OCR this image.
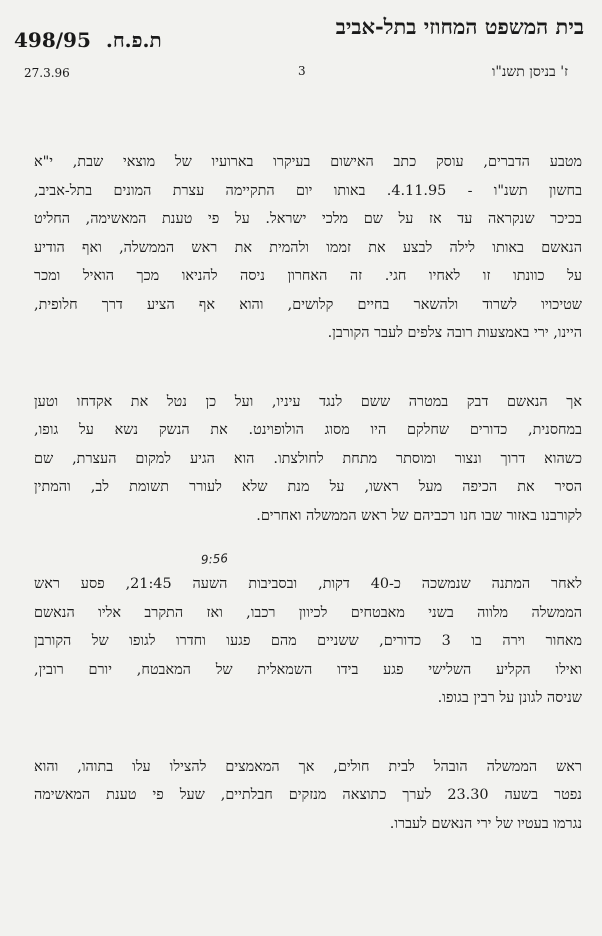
בית המשפט המחוזי בתל-אביב
ת.פ.ח. 498/95
27.3.96	3	ז' בניסן תשנ"ו

מטבע הדברים, עוסק כתב האישום בעיקרו בארועיו של מוצאי שבת, י"א
בחשון תשנ"ו - 4.11.95. באותו יום התקיימה עצרת המונים בתל-אביב,
בכיכר שנקראה עד אז על שם מלכי ישראל. על פי טענת המאשימה, החליט
הנאשם באותו לילה לבצע את זממו ולהמית את ראש הממשלה, ואף הודיע
על כוונתו זו לאחיו חגי. זה האחרון ניסה להניאו מכך הואיל ומכר
שטיכויו לשרוד ולהשאר בחיים קלושים, והוא אף הציע דרך חלופית,
היינו, ירי באמצעות רובה צלפים לעבר הקורבן.

אך הנאשם דבק במטרה ששם לנגד עיניו, ועל כן נטל את אקדחו וטען
במחסנית, כדורים שחלקם היו מסוג הולופוינט. את הנשק נשא על גופו,
כשהוא דרוך ונצור ומוסתר מתחת לחולצתו. הוא הגיע למקום העצרת, שם
הסיר את הכיפה מעל ראשו, על מנת שלא לעורר תשומת לב, והמתין
לקורבנו באזור שבו חנו רכביהם של ראש הממשלה ואחרים.

9:56
לאחר המתנה שנמשכה כ-40 דקות, ובסביבות השעה 21:45, פסע ראש
הממשלה מלווה בשני מאבטחים לכיוון רכבו, ואז התקרב אליו הנאשם
מאחור וירה בו 3 כדורים, ששניים מהם פגעו וחדרו לגופו של הקורבן
ואילו הקליע השלישי פגע בידו השמאלית של המאבטח, יורם רובין,
שניסה לגונן על רבין בגופו.

ראש הממשלה הובהל לבית חולים, אך המאמצים להצילו עלו בתוהו, והוא
נפטר בשעה 23.30 לערך כתוצאה מנזקים חבלתיים, שעל פי טענת המאשימה
נגרמו בעטיו של ירי הנאשם לעברו.
